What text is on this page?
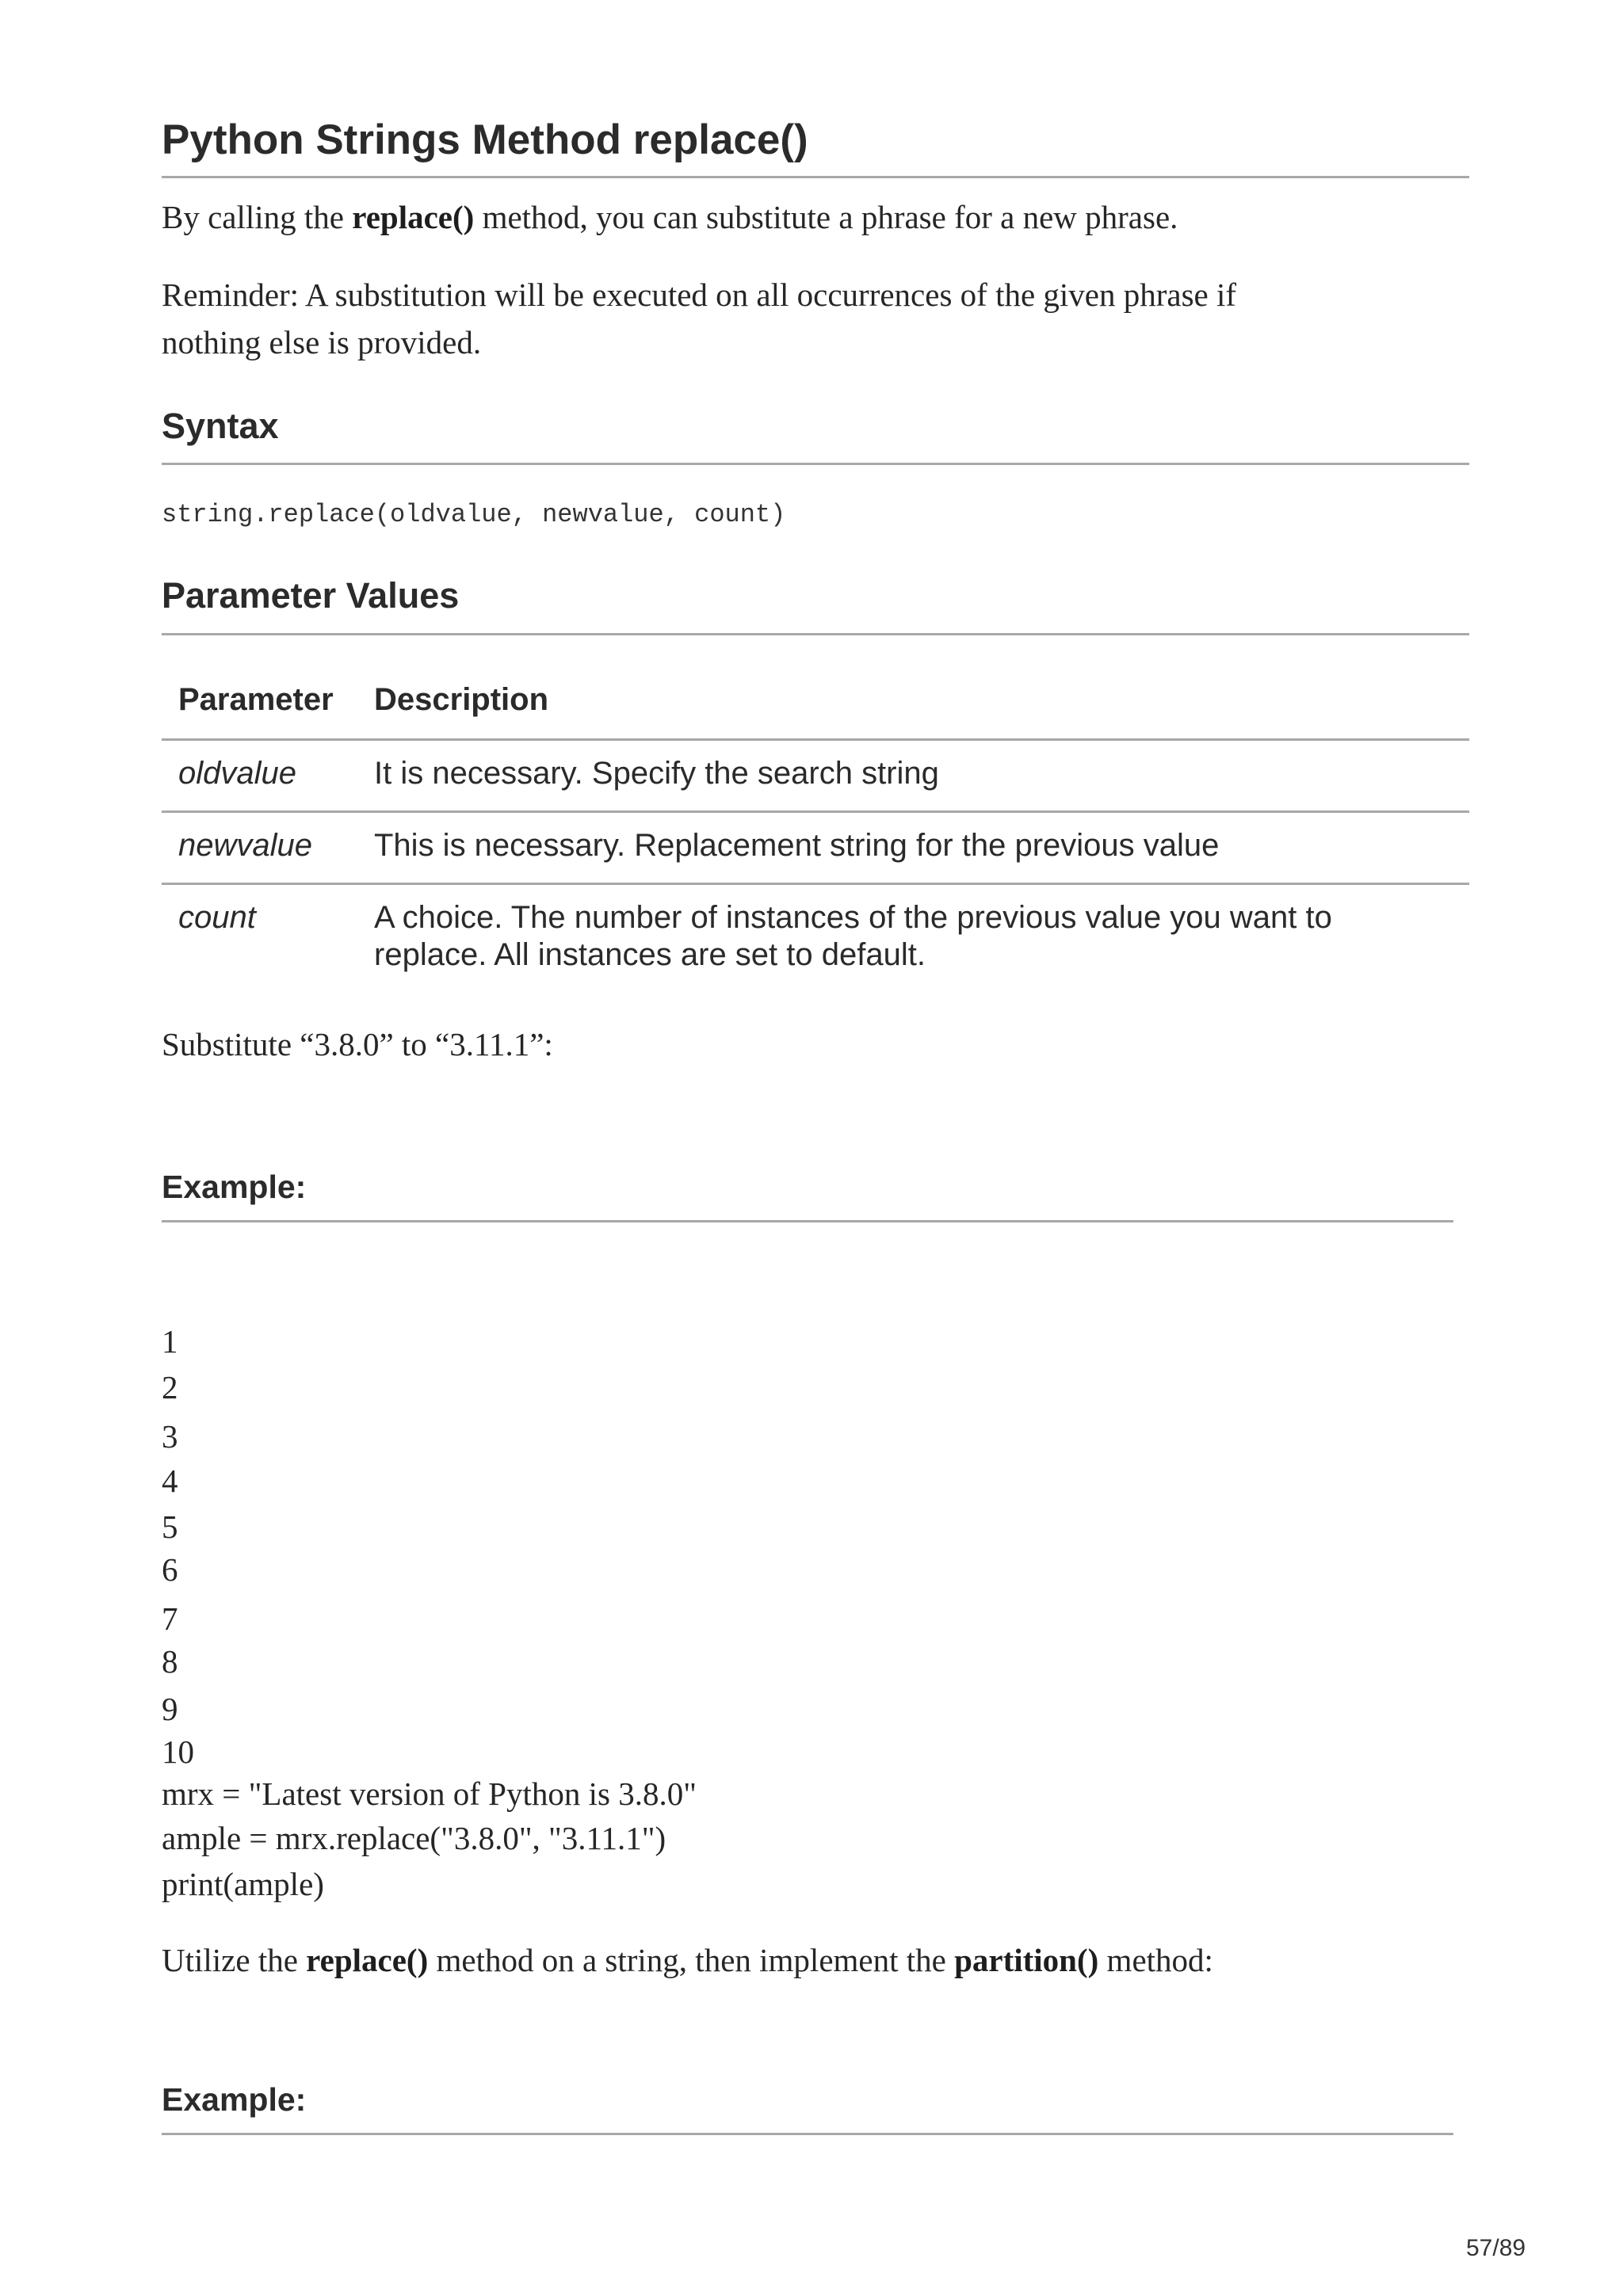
Python Strings Method replace()
By calling the replace() method, you can substitute a phrase for a new phrase.
Reminder: A substitution will be executed on all occurrences of the given phrase if
nothing else is provided.
Syntax
string.replace(oldvalue, newvalue, count)
Parameter Values
Parameter Description
oldvalue It is necessary. Specify the search string
newvalue This is necessary. Replacement string for the previous value
count	A choice. The number of instances of the previous value you want to
replace. All instances are set to default.
Substitute “3.8.0” to “3.11.1”:
Example:
1
2
3
4
5
6
7
8
9
10
mrx = "Latest version of Python is 3.8.0"
ample = mrx.replace("3.8.0", "3.11.1")
print(ample)
Utilize the replace() method on a string, then implement the partition() method:
Example:
57/89
